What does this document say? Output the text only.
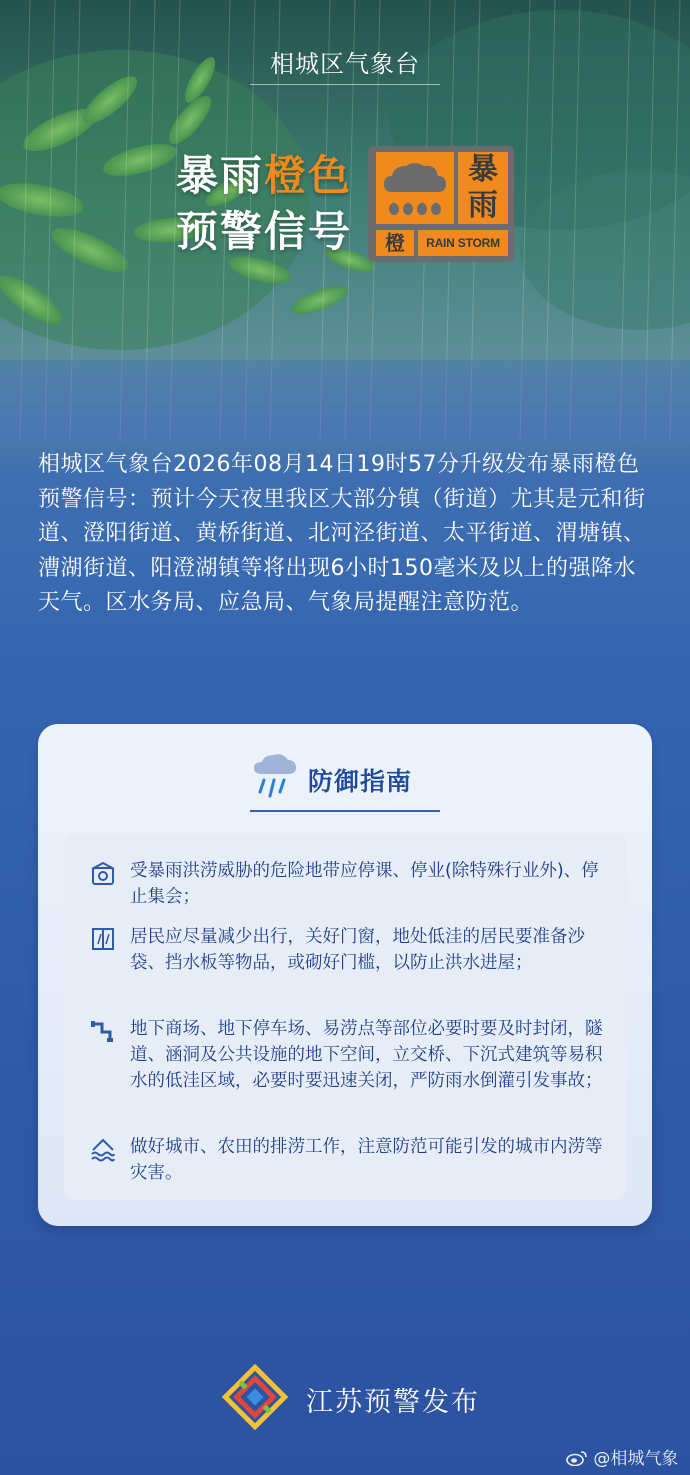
相城区气象台
暴雨橙色
预警信号
暴
雨
橙	RAIN STORM
相城区气象台2026年08月14日19时57分升级发布暴雨橙色预警信号：预计今天夜里我区大部分镇（街道）尤其是元和街道、澄阳街道、黄桥街道、北河泾街道、太平街道、渭塘镇、漕湖街道、阳澄湖镇等将出现6小时150毫米及以上的强降水天气。区水务局、应急局、气象局提醒注意防范。
防御指南
受暴雨洪涝威胁的危险地带应停课、停业(除特殊行业外)、停止集会；
居民应尽量减少出行，关好门窗，地处低洼的居民要准备沙袋、挡水板等物品，或砌好门槛，以防止洪水进屋；
地下商场、地下停车场、易涝点等部位必要时要及时封闭，隧道、涵洞及公共设施的地下空间，立交桥、下沉式建筑等易积水的低洼区域，必要时要迅速关闭，严防雨水倒灌引发事故；
做好城市、农田的排涝工作，注意防范可能引发的城市内涝等灾害。
江苏预警发布
@相城气象
